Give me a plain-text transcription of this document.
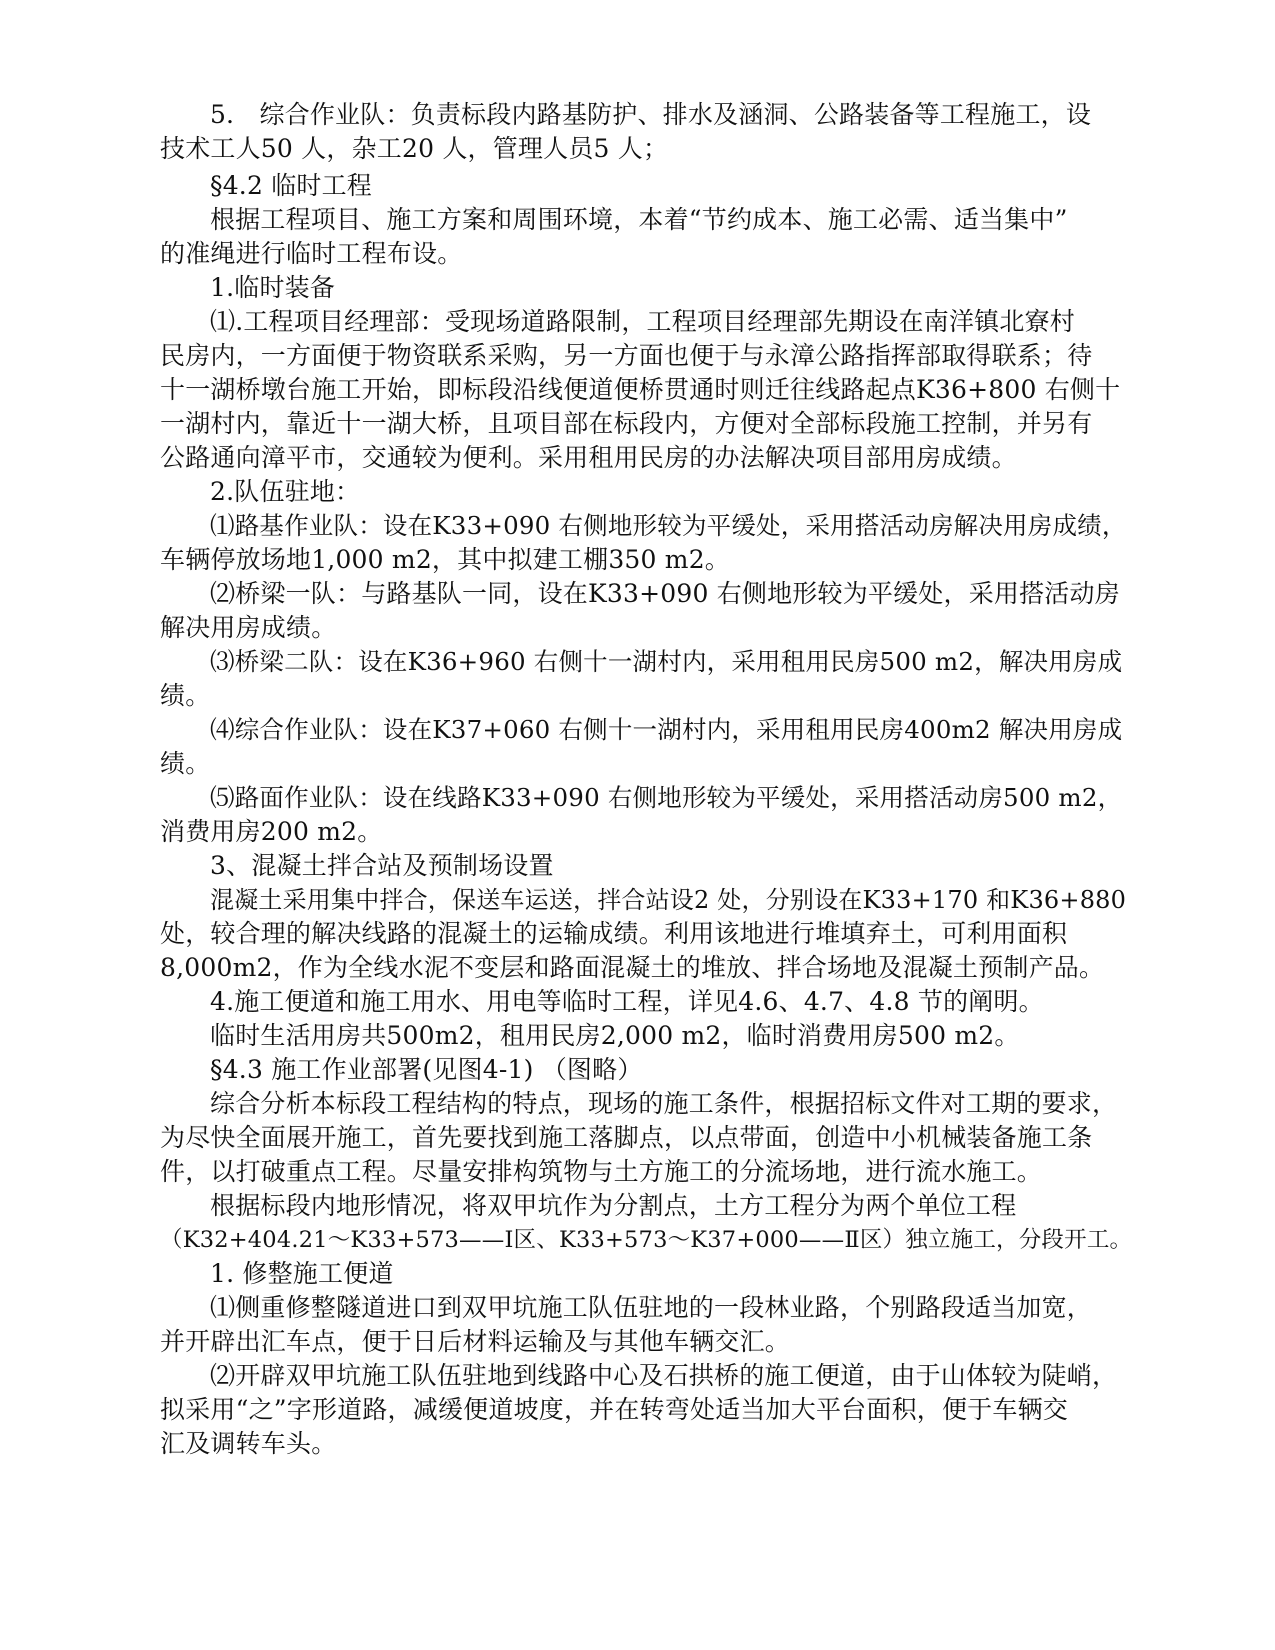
5． 综合作业队：负责标段内路基防护、排水及涵洞、公路装备等工程施工，设
技术工人50 人，杂工20 人，管理人员5 人；
§4.2 临时工程
根据工程项目、施工方案和周围环境，本着“节约成本、施工必需、适当集中”
的准绳进行临时工程布设。
1.临时装备
⑴.工程项目经理部：受现场道路限制，工程项目经理部先期设在南洋镇北寮村
民房内，一方面便于物资联系采购，另一方面也便于与永漳公路指挥部取得联系；待
十一湖桥墩台施工开始，即标段沿线便道便桥贯通时则迁往线路起点K36+800 右侧十
一湖村内，靠近十一湖大桥，且项目部在标段内，方便对全部标段施工控制，并另有
公路通向漳平市，交通较为便利。采用租用民房的办法解决项目部用房成绩。
2.队伍驻地：
⑴路基作业队：设在K33+090 右侧地形较为平缓处，采用搭活动房解决用房成绩，
车辆停放场地1,000 m2，其中拟建工棚350 m2。
⑵桥梁一队：与路基队一同，设在K33+090 右侧地形较为平缓处，采用搭活动房
解决用房成绩。
⑶桥梁二队：设在K36+960 右侧十一湖村内，采用租用民房500 m2，解决用房成
绩。
⑷综合作业队：设在K37+060 右侧十一湖村内，采用租用民房400m2 解决用房成
绩。
⑸路面作业队：设在线路K33+090 右侧地形较为平缓处，采用搭活动房500 m2，
消费用房200 m2。
3、混凝土拌合站及预制场设置
混凝土采用集中拌合，保送车运送，拌合站设2 处，分别设在K33+170 和K36+880
处，较合理的解决线路的混凝土的运输成绩。利用该地进行堆填弃土，可利用面积
8,000m2，作为全线水泥不变层和路面混凝土的堆放、拌合场地及混凝土预制产品。
4.施工便道和施工用水、用电等临时工程，详见4.6、4.7、4.8 节的阐明。
临时生活用房共500m2，租用民房2,000 m2，临时消费用房500 m2。
§4.3 施工作业部署(见图4-1) （图略）
综合分析本标段工程结构的特点，现场的施工条件，根据招标文件对工期的要求，
为尽快全面展开施工，首先要找到施工落脚点，以点带面，创造中小机械装备施工条
件，以打破重点工程。尽量安排构筑物与土方施工的分流场地，进行流水施工。
根据标段内地形情况，将双甲坑作为分割点，土方工程分为两个单位工程
（K32+404.21～K33+573——Ⅰ区、K33+573～K37+000——Ⅱ区）独立施工，分段开工。
1. 修整施工便道
⑴侧重修整隧道进口到双甲坑施工队伍驻地的一段林业路，个别路段适当加宽，
并开辟出汇车点，便于日后材料运输及与其他车辆交汇。
⑵开辟双甲坑施工队伍驻地到线路中心及石拱桥的施工便道，由于山体较为陡峭，
拟采用“之”字形道路，减缓便道坡度，并在转弯处适当加大平台面积，便于车辆交
汇及调转车头。
